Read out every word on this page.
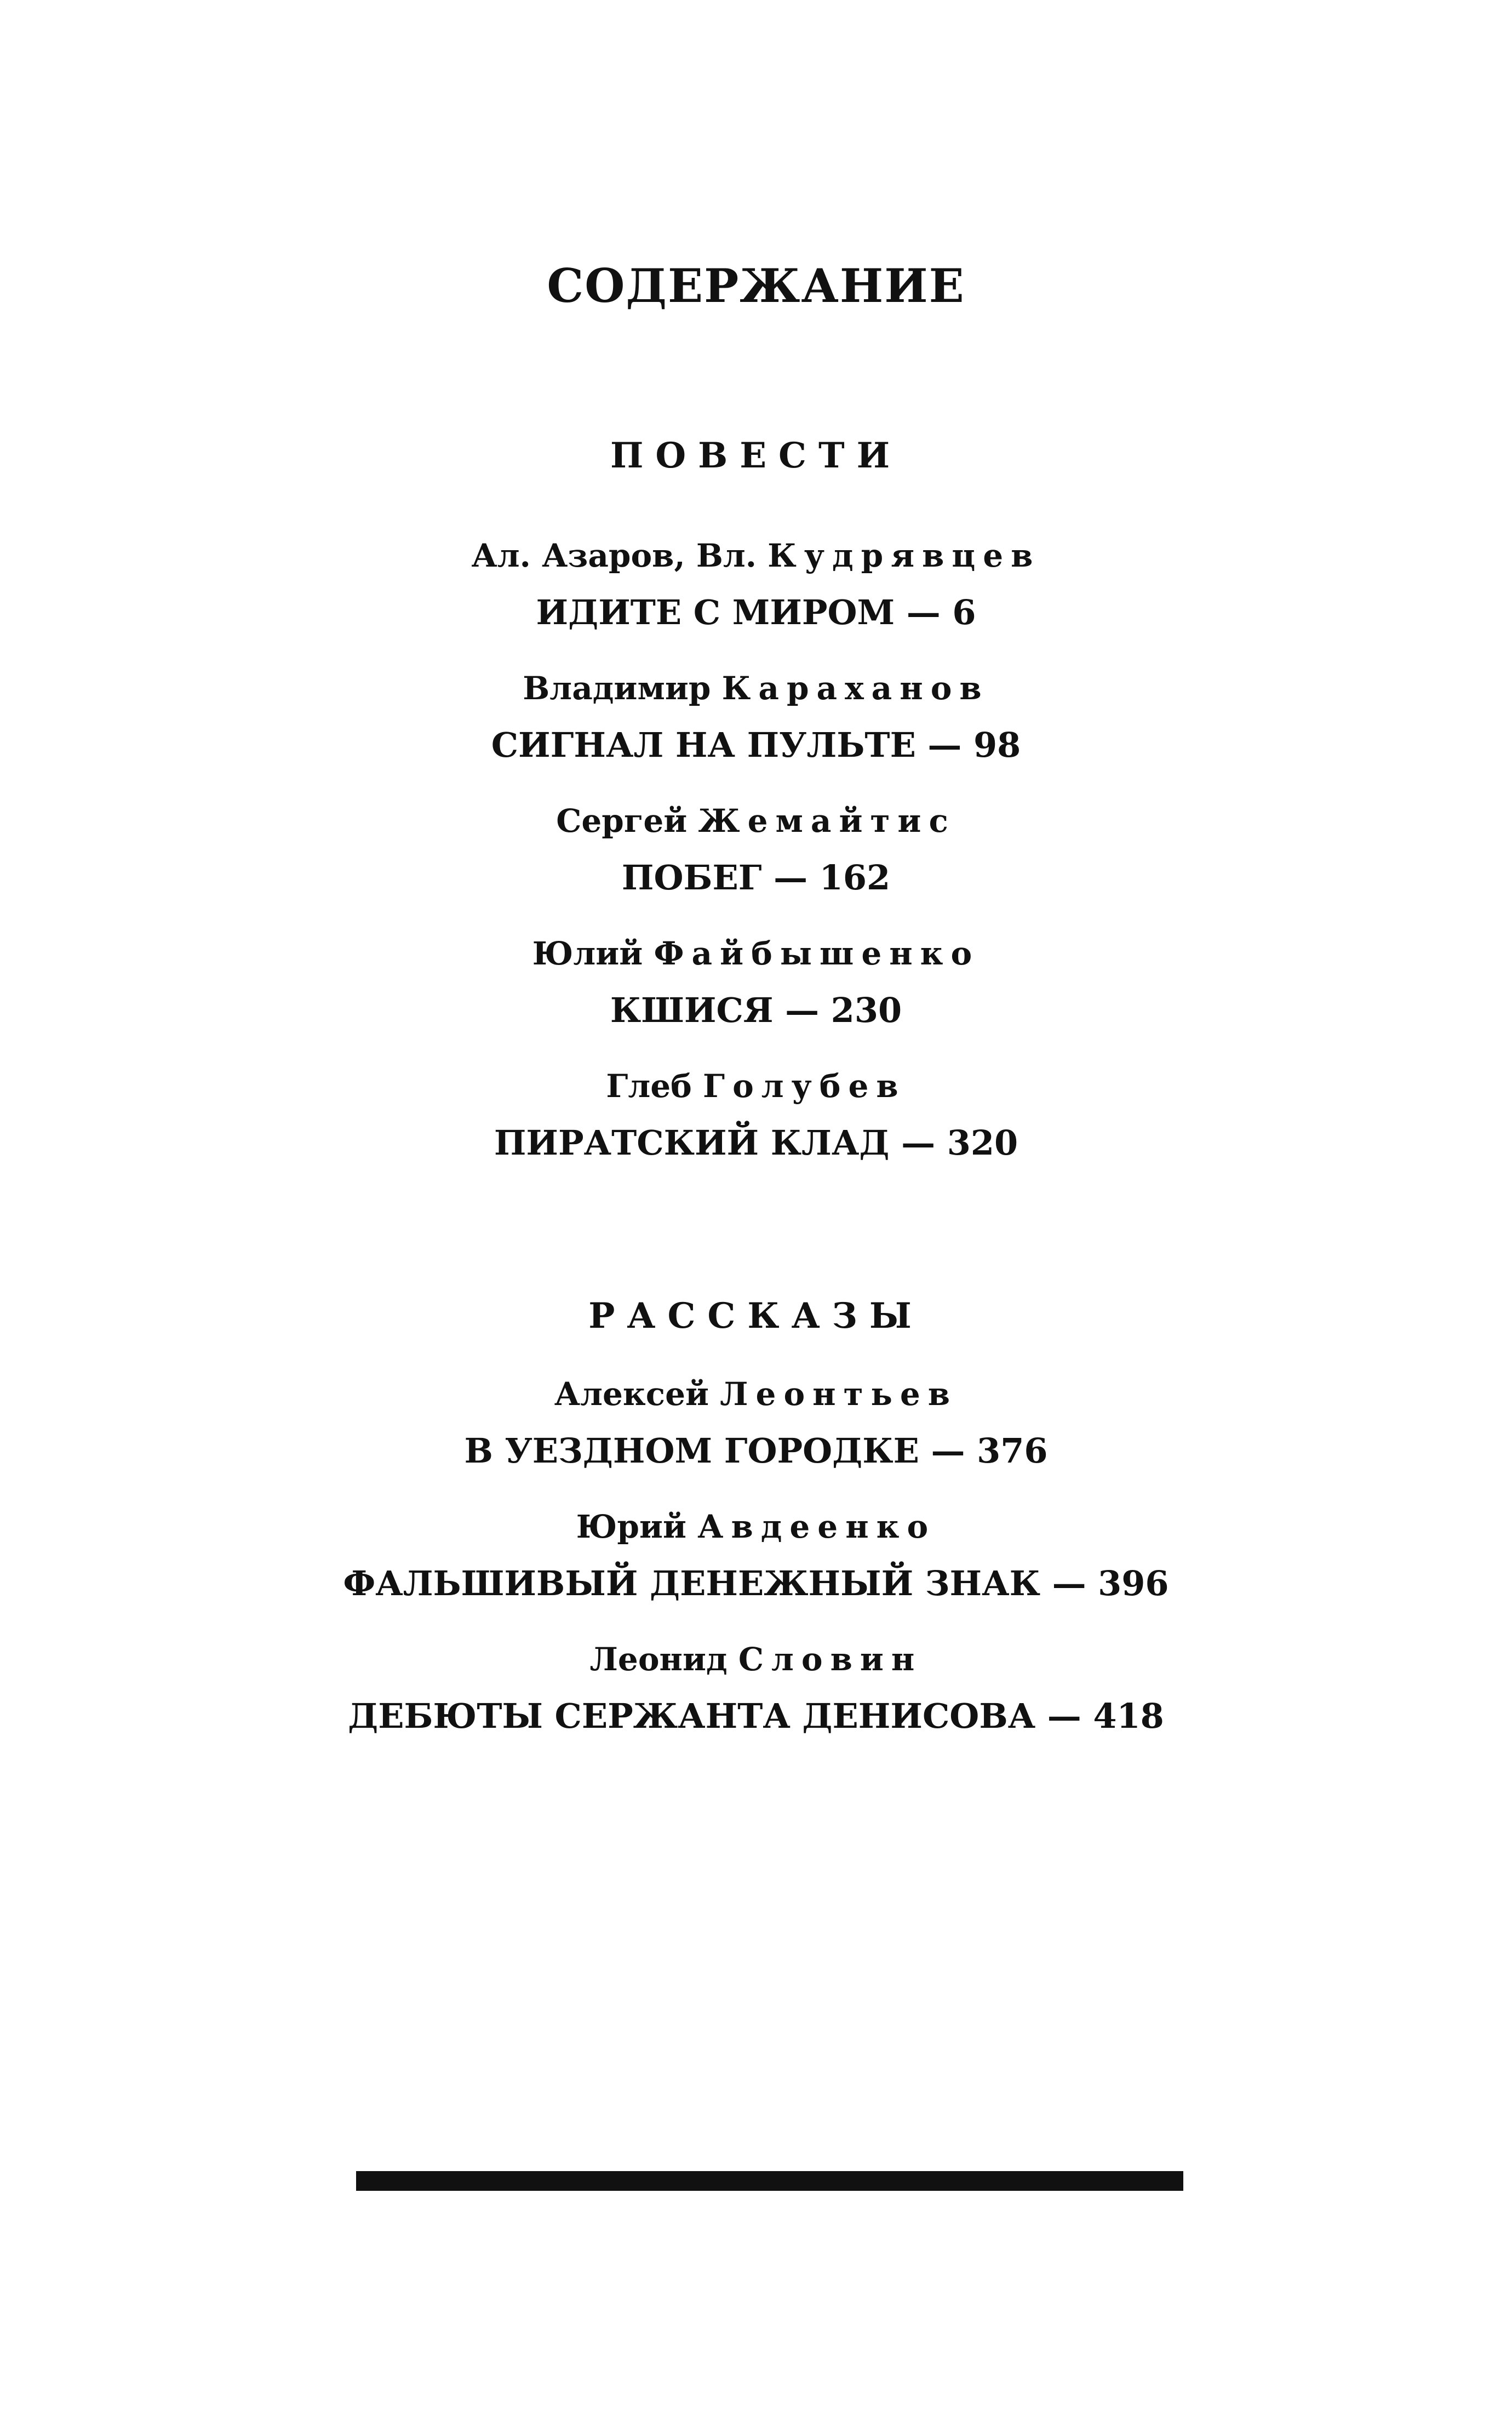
СОДЕРЖАНИЕ
ПОВЕСТИ
Ал. Азаров, Вл. Кудрявцев
ИДИТЕ С МИРОМ — 6
Владимир Караханов
СИГНАЛ НА ПУЛЬТЕ — 98
Сергей Жемайтис
ПОБЕГ — 162
Юлий Файбышенко
КШИСЯ — 230
Глеб Голубев
ПИРАТСКИЙ КЛАД — 320
РАССКАЗЫ
Алексей Леонтьев
В УЕЗДНОМ ГОРОДКЕ — 376
Юрий Авдеенко
ФАЛЬШИВЫЙ ДЕНЕЖНЫЙ ЗНАК — 396
Леонид Словин
ДЕБЮТЫ СЕРЖАНТА ДЕНИСОВА — 418
